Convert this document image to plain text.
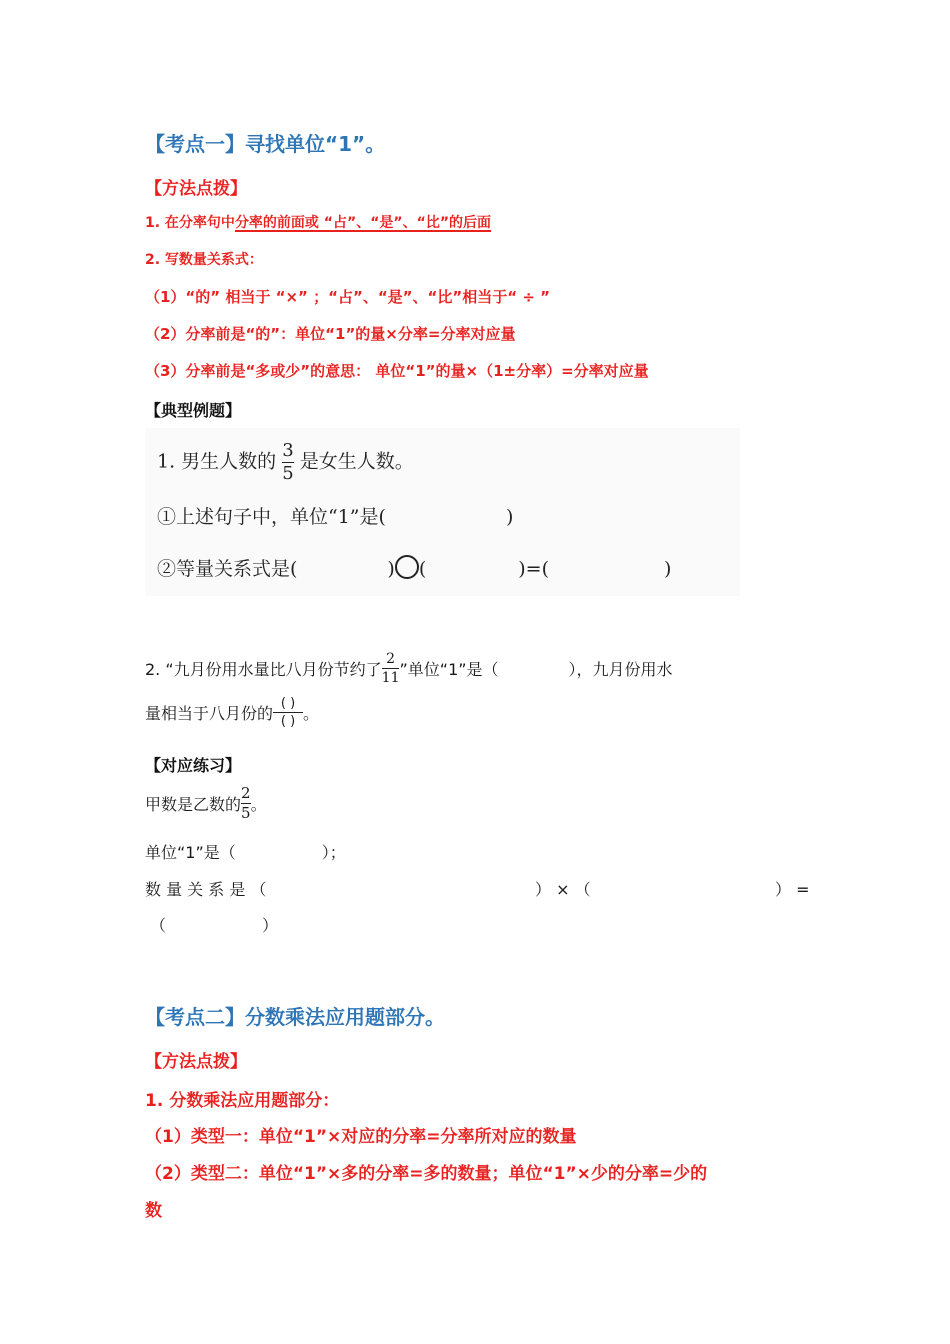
【考点一】寻找单位“1”。
【方法点拨】
1. 在分率句中分率的前面或 “占”、“是”、“比”的后面
2. 写数量关系式：
（1）“的” 相当于 “×” ；“占”、“是”、“比”相当于“ ÷ ”
（2）分率前是“的”：单位“1”的量×分率=分率对应量
（3）分率前是“多或少”的意思： 单位“1”的量×（1±分率）=分率对应量
【典型例题】
1. 男生人数的 $\frac{3}{5}$ 是女生人数。
①上述句子中，单位“1”是(	)
②等量关系式是(	) (	)=(	)
2. “九月份用水量比八月份节约了 $\frac{2}{11}$ ”单位“1”是（	），九月份用水
量相当于八月份的 $\frac{( )}{( )}$ 。
【对应练习】
甲数是乙数的 $\frac{2}{5}$ 。
单位“1”是（	）；
数 量 关 系 是 （	） × （	） =
（	）
【考点二】分数乘法应用题部分。
【方法点拨】
1. 分数乘法应用题部分：
（1）类型一：单位“1”×对应的分率=分率所对应的数量
（2）类型二：单位“1”×多的分率=多的数量；单位“1”×少的分率=少的
数
